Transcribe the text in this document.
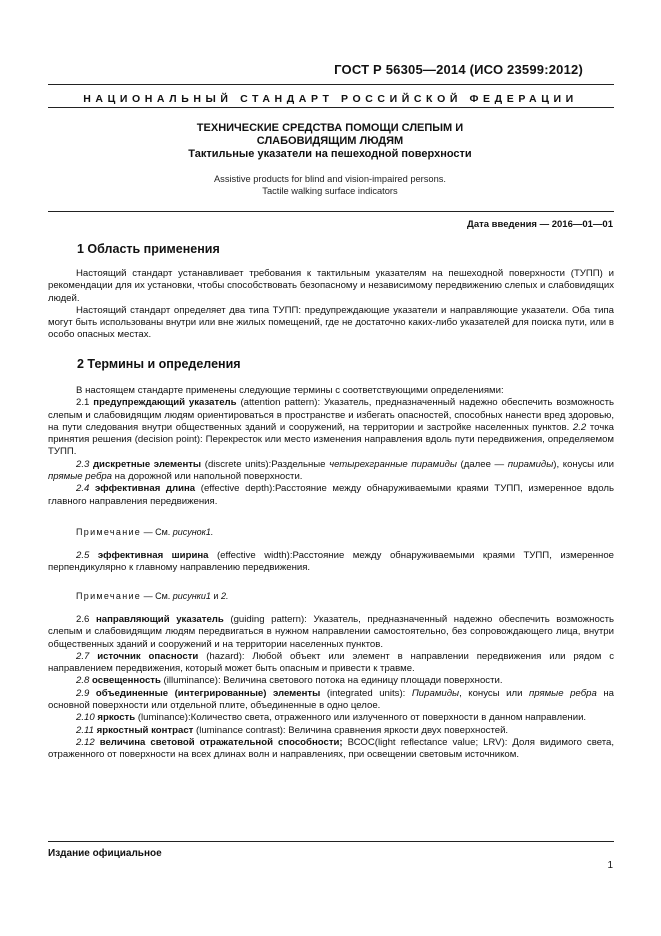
ГОСТ Р 56305—2014 (ИСО 23599:2012)
НАЦИОНАЛЬНЫЙ СТАНДАРТ РОССИЙСКОЙ ФЕДЕРАЦИИ
ТЕХНИЧЕСКИЕ СРЕДСТВА ПОМОЩИ СЛЕПЫМ И
СЛАБОВИДЯЩИМ ЛЮДЯМ
Тактильные указатели на пешеходной поверхности
Assistive products for blind and vision-impaired persons.
Tactile walking surface indicators
Дата введения — 2016—01—01
1 Область применения

Настоящий стандарт устанавливает требования к тактильным указателям на пешеходной поверхности (ТУПП) и рекомендации для их установки, чтобы способствовать безопасному и независимому передвижению слепых и слабовидящих людей.

Настоящий стандарт определяет два типа ТУПП: предупреждающие указатели и направляющие указатели. Оба типа могут быть использованы внутри или вне жилых помещений, где не достаточно каких-либо указателей для поиска пути, или в особо опасных местах.

2 Термины и определения

В настоящем стандарте применены следующие термины с соответствующими определениями:

2.1 предупреждающий указатель (attention pattern): Указатель, предназначенный надежно обеспечить возможность слепым и слабовидящим людям ориентироваться в пространстве и избегать опасностей, способных нанести вред здоровью, на пути следования внутри общественных зданий и сооружений, на территории и застройке населенных пунктов. 2.2 точка принятия решения (decision point): Перекресток или место изменения направления вдоль пути передвижения, определяемом ТУПП.

2.3 дискретные элементы (discrete units):Раздельные четырехгранные пирамиды (далее — пирамиды), конусы или прямые ребра на дорожной или напольной поверхности.

2.4 эффективная длина (effective depth):Расстояние между обнаруживаемыми краями ТУПП, измеренное вдоль главного направления передвижения.

Примечание — См. рисунок1.

2.5 эффективная ширина (effective width):Расстояние между обнаруживаемыми краями ТУПП, измеренное перпендикулярно к главному направлению передвижения.

Примечание — См. рисунки1 и 2.

2.6 направляющий указатель (guiding pattern): Указатель, предназначенный надежно обеспечить возможность слепым и слабовидящим людям передвигаться в нужном направлении самостоятельно, без сопровождающего лица, внутри общественных зданий и сооружений и на территории населенных пунктов.

2.7 источник опасности (hazard): Любой объект или элемент в направлении передвижения или рядом с направлением передвижения, который может быть опасным и привести к травме.

2.8 освещенность (illuminance): Величина светового потока на единицу площади поверхности.

2.9 объединенные (интегрированные) элементы (integrated units): Пирамиды, конусы или прямые ребра на основной поверхности или отдельной плите, объединенные в одно целое.

2.10 яркость (luminance):Количество света, отраженного или излученного от поверхности в данном направлении.

2.11 яркостный контраст (luminance contrast): Величина сравнения яркости двух поверхностей.

2.12 величина световой отражательной способности; ВСОС(light reflectance value; LRV): Доля видимого света, отраженного от поверхности на всех длинах волн и направлениях, при освещении световым источником.

Издание официальное
1
